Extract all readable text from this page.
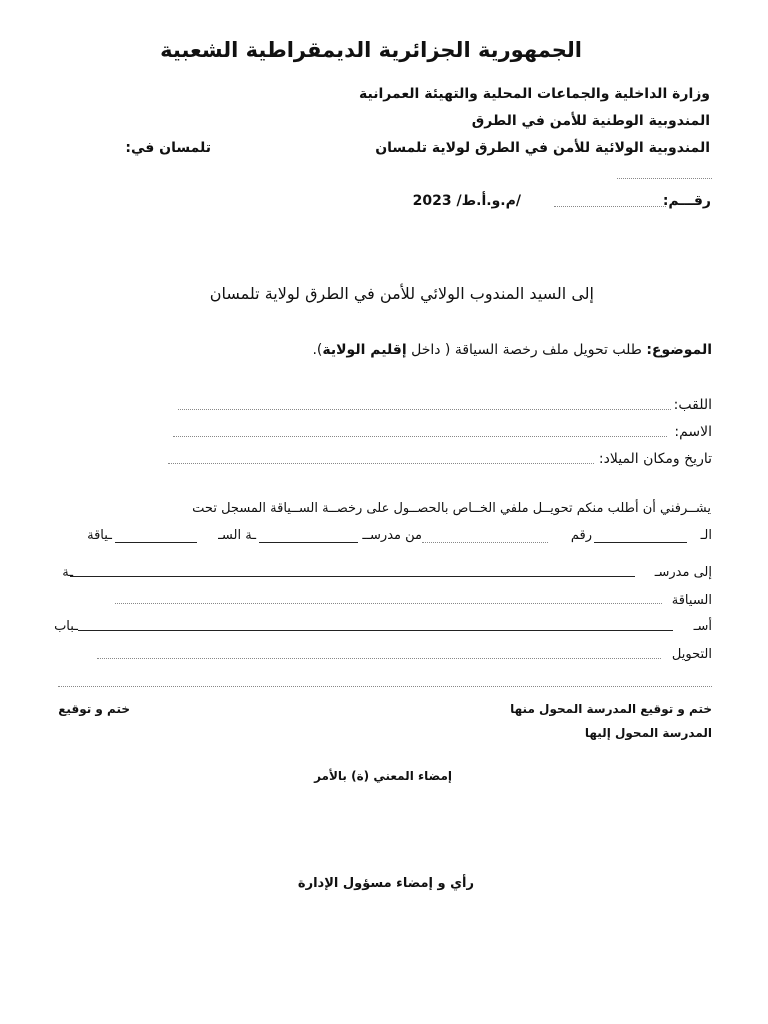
الجمهورية الجزائرية الديمقراطية الشعبية
وزارة الداخلية والجماعات المحلية والتهيئة العمرانية
المندوبية الوطنية للأمن في الطرق
المندوبية الولائية للأمن في الطرق لولاية تلمسان
تلمسان في:
رقـــم:
/م.و.أ.ط/ 2023
إلى السيد المندوب الولائي للأمن في الطرق لولاية تلمسان
الموضوع: طلب تحويل ملف رخصة السياقة ( داخل إقليم الولاية).
اللقب:
الاسم:
تاريخ ومكان الميلاد:
يشــرفني أن أطلب منكم تحويــل ملفي الخــاص بالحصــول على رخصــة الســياقة المسجل تحت
الـ
رقم
من مدرســ
ـة السـ
ـياقة
إلى مدرسـ
ـة
السياقة
أسـ
ـباب
التحويل
ختم و توقيع المدرسة المحول منها
ختم و توقيع
المدرسة المحول إليها
إمضاء المعني (ة) بالأمر
رأي و إمضاء مسؤول الإدارة
